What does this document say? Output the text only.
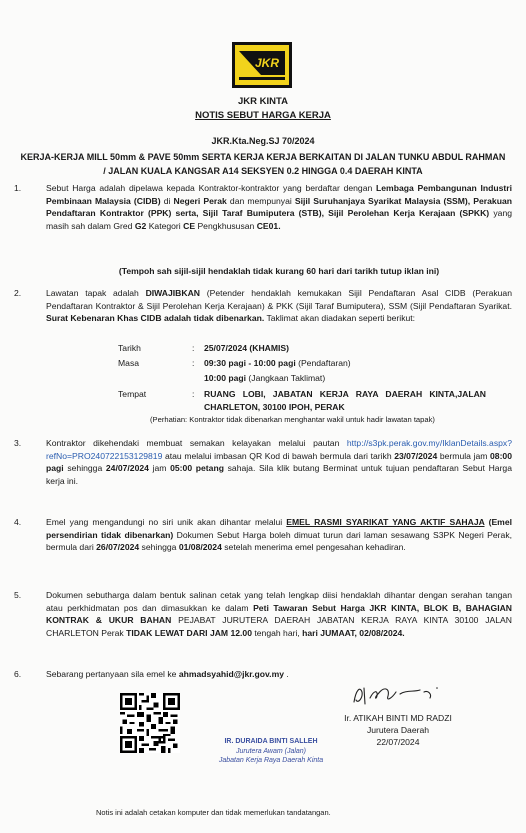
JKR
JKR KINTA
NOTIS SEBUT HARGA KERJA
JKR.Kta.Neg.SJ 70/2024
KERJA-KERJA MILL 50mm & PAVE 50mm SERTA KERJA KERJA BERKAITAN DI JALAN TUNKU ABDUL RAHMAN / JALAN KUALA KANGSAR A14 SEKSYEN 0.2 HINGGA 0.4 DAERAH KINTA
1.	Sebut Harga adalah dipelawa kepada Kontraktor-kontraktor yang berdaftar dengan Lembaga Pembangunan Industri Pembinaan Malaysia (CIDB) di Negeri Perak dan mempunyai Sijil Suruhanjaya Syarikat Malaysia (SSM), Perakuan Pendaftaran Kontraktor (PPK) serta, Sijil Taraf Bumiputera (STB), Sijil Perolehan Kerja Kerajaan (SPKK) yang masih sah dalam Gred G2 Kategori CE Pengkhususan CE01.
(Tempoh sah sijil-sijil hendaklah tidak kurang 60 hari dari tarikh tutup iklan ini)
2.	Lawatan tapak adalah DIWAJIBKAN (Petender hendaklah kemukakan Sijil Pendaftaran Asal CIDB (Perakuan Pendaftaran Kontraktor & Sijil Perolehan Kerja Kerajaan) & PKK (Sijil Taraf Bumiputera), SSM (Sijil Pendaftaran Syarikat. Surat Kebenaran Khas CIDB adalah tidak dibenarkan. Taklimat akan diadakan seperti berikut:
Tarikh	: 25/07/2024 (KHAMIS)
Masa	: 09:30 pagi - 10:00 pagi (Pendaftaran)
10:00 pagi (Jangkaan Taklimat)
Tempat	: RUANG LOBI, JABATAN KERJA RAYA DAERAH KINTA,JALAN CHARLETON, 30100 IPOH, PERAK
(Perhatian: Kontraktor tidak dibenarkan menghantar wakil untuk hadir lawatan tapak)
3.	Kontraktor dikehendaki membuat semakan kelayakan melalui pautan http://s3pk.perak.gov.my/IklanDetails.aspx?refNo=PRO240722153129819 atau melalui imbasan QR Kod di bawah bermula dari tarikh 23/07/2024 bermula jam 08:00 pagi sehingga 24/07/2024 jam 05:00 petang sahaja. Sila klik butang Berminat untuk tujuan pendaftaran Sebut Harga kerja ini.
4.	Emel yang mengandungi no siri unik akan dihantar melalui EMEL RASMI SYARIKAT YANG AKTIF SAHAJA (Emel persendirian tidak dibenarkan) Dokumen Sebut Harga boleh dimuat turun dari laman sesawang S3PK Negeri Perak, bermula dari 26/07/2024 sehingga 01/08/2024 setelah menerima emel pengesahan kehadiran.
5.	Dokumen sebutharga dalam bentuk salinan cetak yang telah lengkap diisi hendaklah dihantar dengan serahan tangan atau perkhidmatan pos dan dimasukkan ke dalam Peti Tawaran Sebut Harga JKR KINTA, BLOK B, BAHAGIAN KONTRAK & UKUR BAHAN PEJABAT JURUTERA DAERAH JABATAN KERJA RAYA KINTA 30100 JALAN CHARLETON Perak TIDAK LEWAT DARI JAM 12.00 tengah hari, hari JUMAAT, 02/08/2024.
6.	Sebarang pertanyaan sila emel ke ahmadsyahid@jkr.gov.my .
IR. DURAIDA BINTI SALLEH
Jurutera Awam (Jalan)
Jabatan Kerja Raya Daerah Kinta
Ir. ATIKAH BINTI MD RADZI
Jurutera Daerah
22/07/2024
Notis ini adalah cetakan komputer dan tidak memerlukan tandatangan.
